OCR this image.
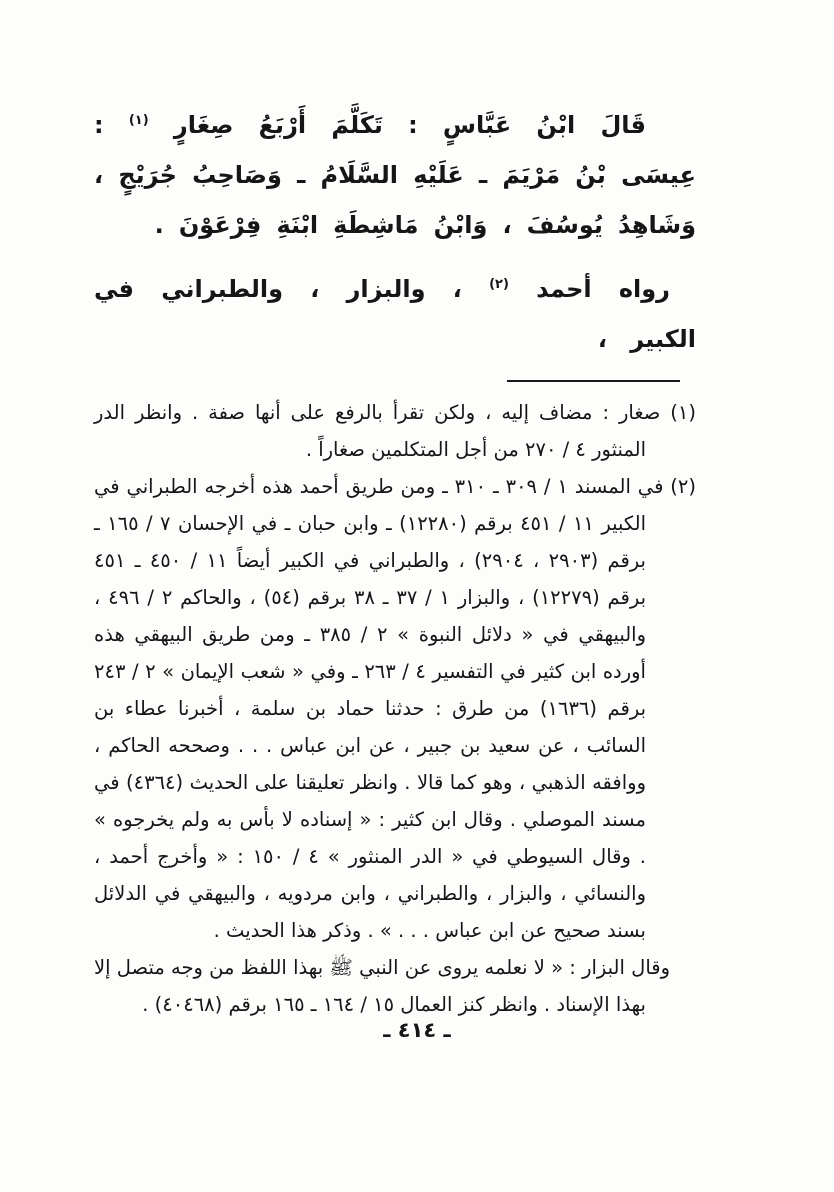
قَالَ ابْنُ عَبَّاسٍ : تَكَلَّمَ أَرْبَعُ صِغَارٍ $^{(١)}$ : عِيسَى بْنُ مَرْيَمَ ـ عَلَيْهِ السَّلَامُ ـ وَصَاحِبُ جُرَيْجٍ ، وَشَاهِدُ يُوسُفَ ، وَابْنُ مَاشِطَةِ ابْنَةِ فِرْعَوْنَ .

رواه أحمد $^{(٢)}$ ، والبزار ، والطبراني في الكبير ،

(١) صغار : مضاف إليه ، ولكن تقرأ بالرفع على أنها صفة . وانظر الدر المنثور ٤ / ٢٧٠ من أجل المتكلمين صغاراً .

(٢) في المسند ١ / ٣٠٩ ـ ٣١٠ ـ ومن طريق أحمد هذه أخرجه الطبراني في الكبير ١١ / ٤٥١ برقم (١٢٢٨٠) ـ وابن حبان ـ في الإحسان ٧ / ١٦٥ ـ برقم (٢٩٠٣ ، ٢٩٠٤) ، والطبراني في الكبير أيضاً ١١ / ٤٥٠ ـ ٤٥١ برقم (١٢٢٧٩) ، والبزار ١ / ٣٧ ـ ٣٨ برقم (٥٤) ، والحاكم ٢ / ٤٩٦ ، والبيهقي في « دلائل النبوة » ٢ / ٣٨٥ ـ ومن طريق البيهقي هذه أورده ابن كثير في التفسير ٤ / ٢٦٣ ـ وفي « شعب الإيمان » ٢ / ٢٤٣ برقم (١٦٣٦) من طرق : حدثنا حماد بن سلمة ، أخبرنا عطاء بن السائب ، عن سعيد بن جبير ، عن ابن عباس . . . وصححه الحاكم ، ووافقه الذهبي ، وهو كما قالا . وانظر تعليقنا على الحديث (٤٣٦٤) في مسند الموصلي . وقال ابن كثير : « إسناده لا بأس به ولم يخرجوه » . وقال السيوطي في « الدر المنثور » ٤ / ١٥٠ : « وأخرج أحمد ، والنسائي ، والبزار ، والطبراني ، وابن مردويه ، والبيهقي في الدلائل بسند صحيح عن ابن عباس . . . » . وذكر هذا الحديث .

وقال البزار : « لا نعلمه يروى عن النبي ﷺ بهذا اللفظ من وجه متصل إلا بهذا الإسناد . وانظر كنز العمال ١٥ / ١٦٤ ـ ١٦٥ برقم (٤٠٤٦٨) .

ـ ٤١٤ ـ
